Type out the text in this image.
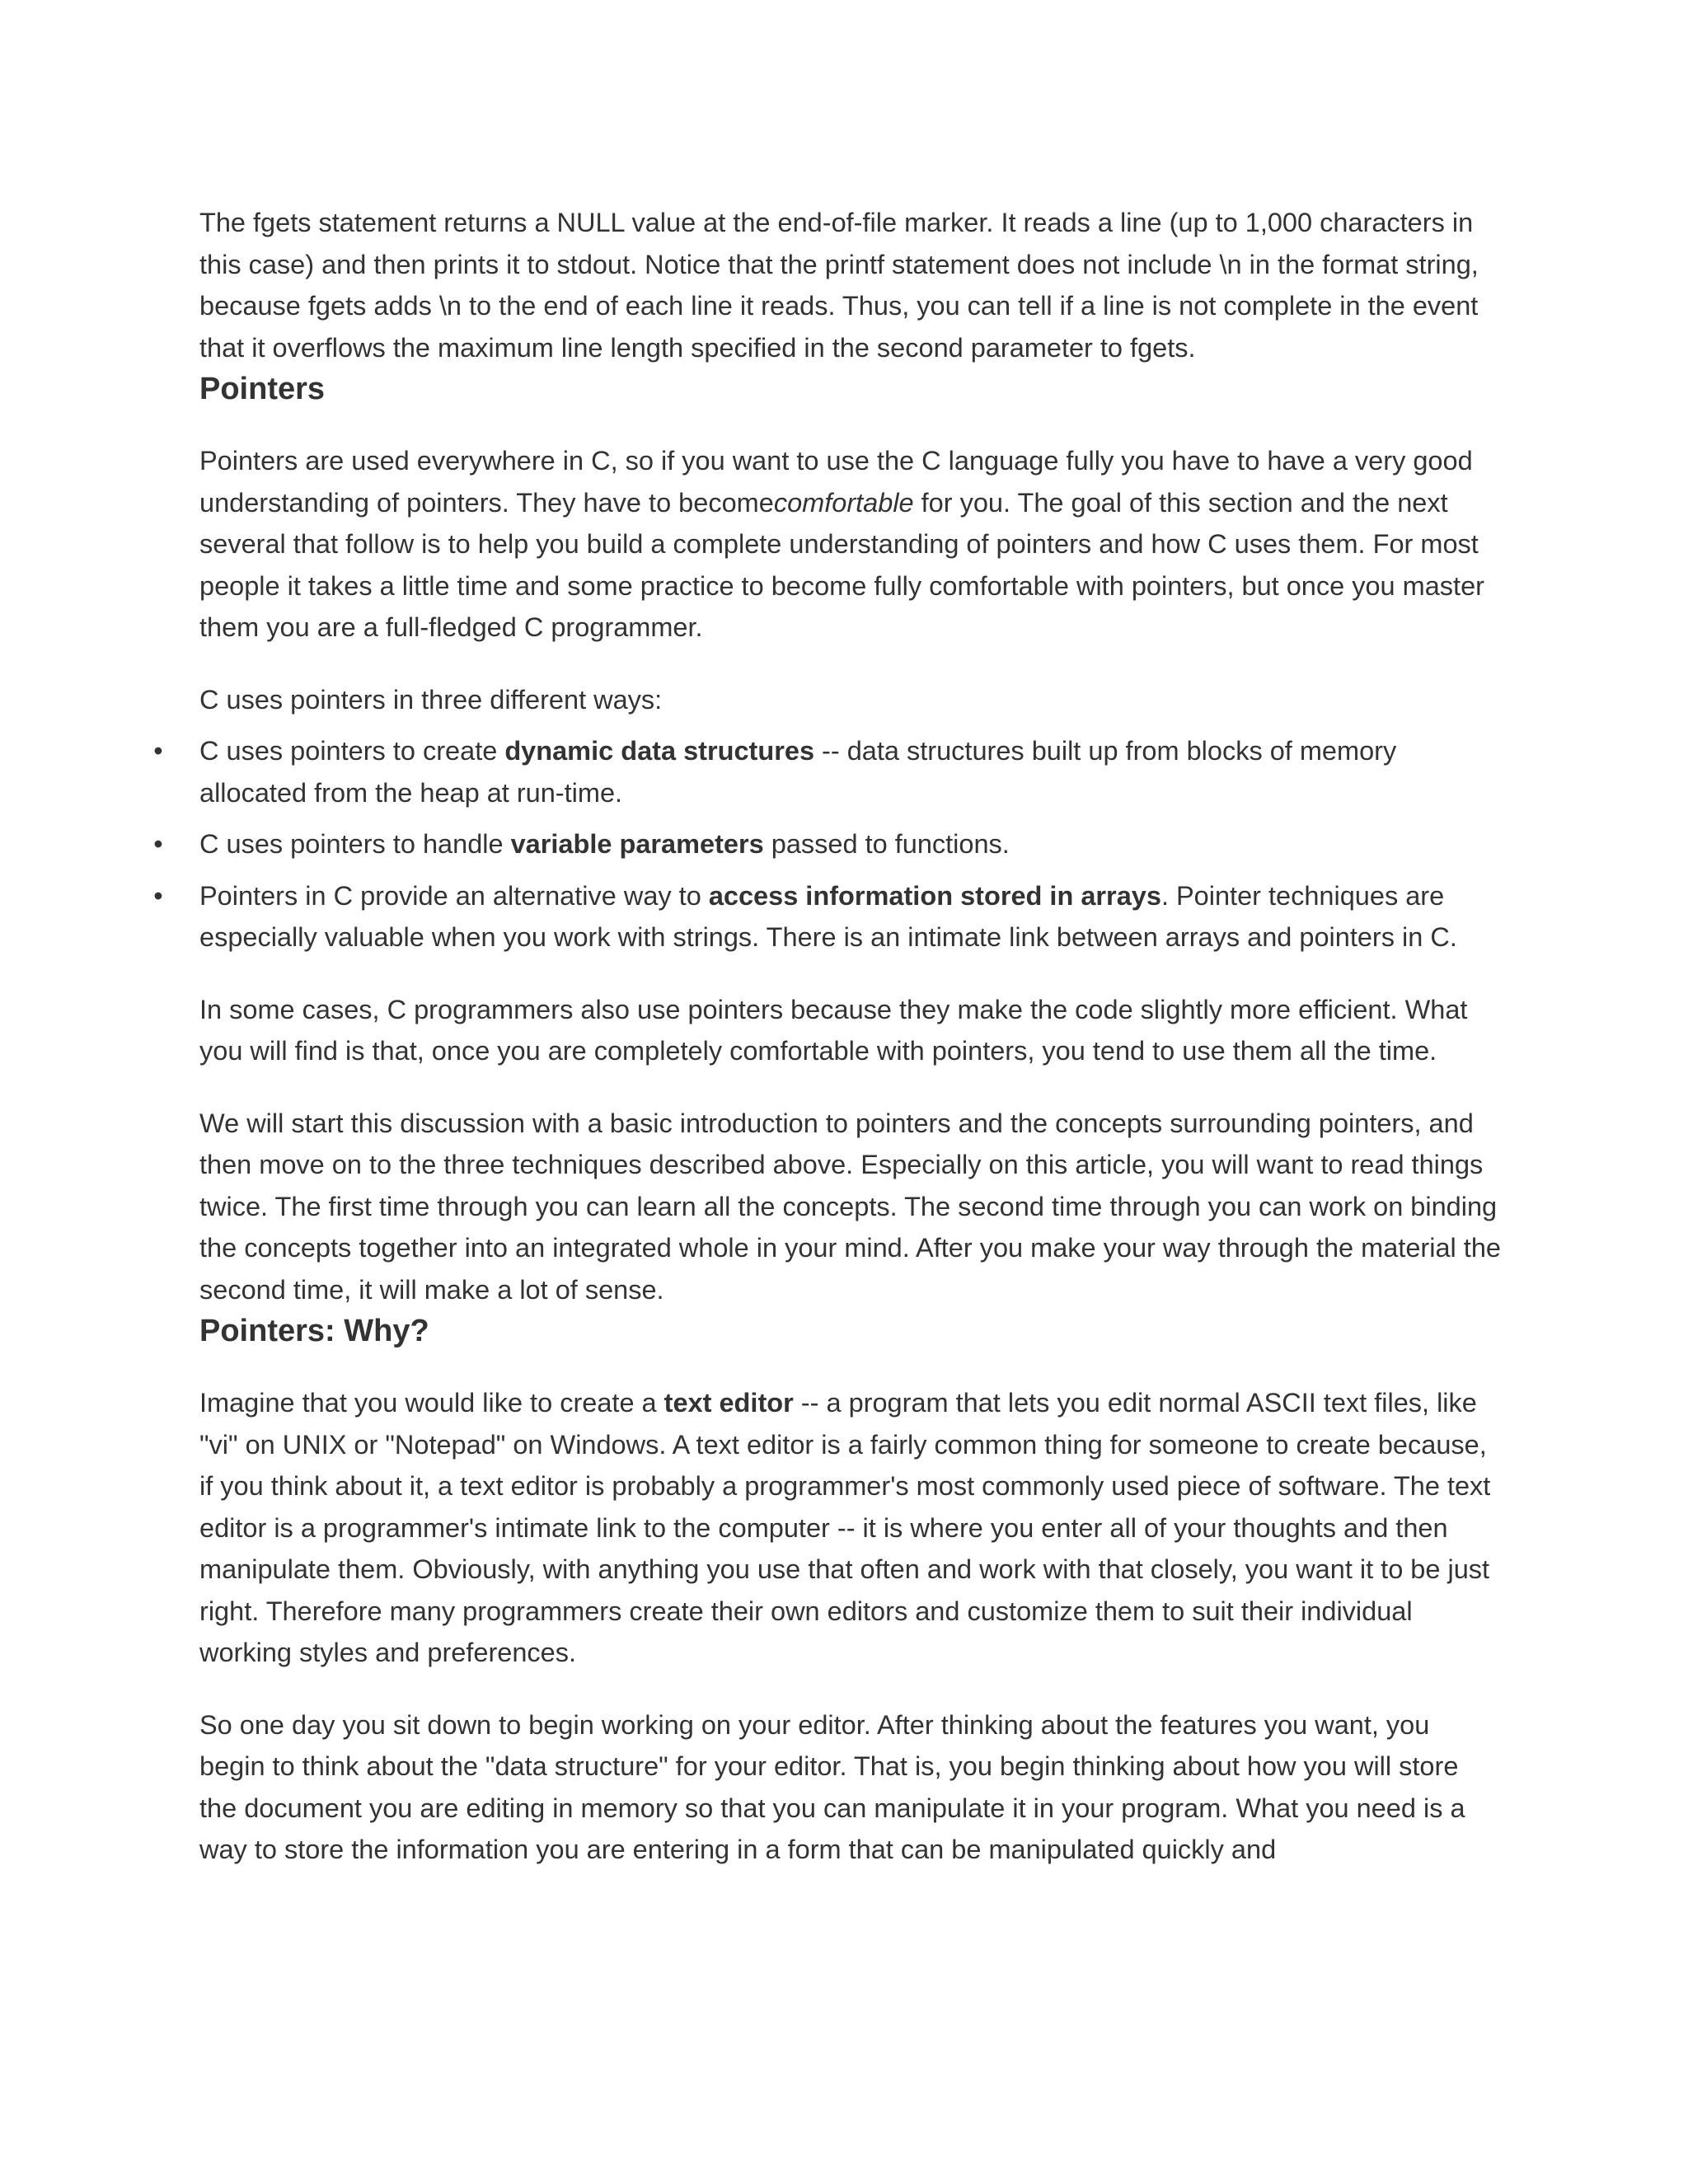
The fgets statement returns a NULL value at the end-of-file marker. It reads a line (up to 1,000 characters in this case) and then prints it to stdout. Notice that the printf statement does not include \n in the format string, because fgets adds \n to the end of each line it reads. Thus, you can tell if a line is not complete in the event that it overflows the maximum line length specified in the second parameter to fgets.

Pointers

Pointers are used everywhere in C, so if you want to use the C language fully you have to have a very good understanding of pointers. They have to becomecomfortable for you. The goal of this section and the next several that follow is to help you build a complete understanding of pointers and how C uses them. For most people it takes a little time and some practice to become fully comfortable with pointers, but once you master them you are a full-fledged C programmer.

C uses pointers in three different ways:

• C uses pointers to create dynamic data structures -- data structures built up from blocks of memory allocated from the heap at run-time.
• C uses pointers to handle variable parameters passed to functions.
• Pointers in C provide an alternative way to access information stored in arrays. Pointer techniques are especially valuable when you work with strings. There is an intimate link between arrays and pointers in C.

In some cases, C programmers also use pointers because they make the code slightly more efficient. What you will find is that, once you are completely comfortable with pointers, you tend to use them all the time.

We will start this discussion with a basic introduction to pointers and the concepts surrounding pointers, and then move on to the three techniques described above. Especially on this article, you will want to read things twice. The first time through you can learn all the concepts. The second time through you can work on binding the concepts together into an integrated whole in your mind. After you make your way through the material the second time, it will make a lot of sense.

Pointers: Why?

Imagine that you would like to create a text editor -- a program that lets you edit normal ASCII text files, like "vi" on UNIX or "Notepad" on Windows. A text editor is a fairly common thing for someone to create because, if you think about it, a text editor is probably a programmer's most commonly used piece of software. The text editor is a programmer's intimate link to the computer -- it is where you enter all of your thoughts and then manipulate them. Obviously, with anything you use that often and work with that closely, you want it to be just right. Therefore many programmers create their own editors and customize them to suit their individual working styles and preferences.

So one day you sit down to begin working on your editor. After thinking about the features you want, you begin to think about the "data structure" for your editor. That is, you begin thinking about how you will store the document you are editing in memory so that you can manipulate it in your program. What you need is a way to store the information you are entering in a form that can be manipulated quickly and
